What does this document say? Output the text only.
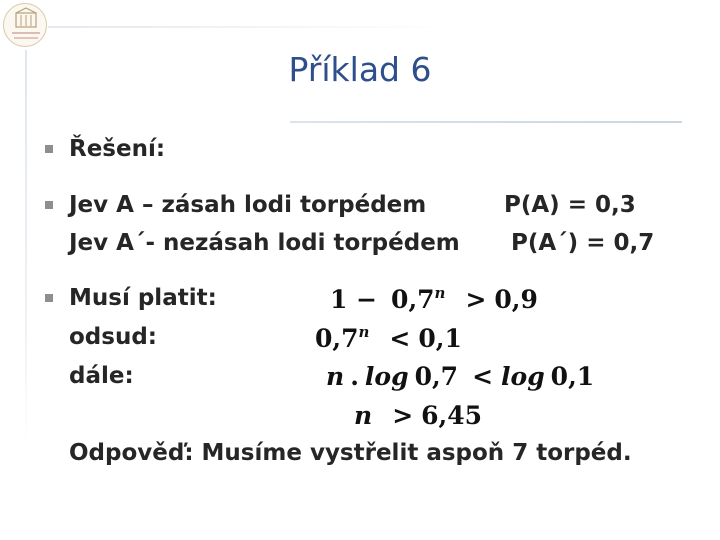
Příklad 6
Řešení:
Jev A – zásah lodi torpédem	P(A) = 0,3
Jev A´- nezásah lodi torpédem P(A´) = 0,7
Musí platit:
odsud:
dále:
$1 - 0,7^n > 0,9$
$0,7^n < 0,1$
n . log 0,7 < log 0,1
n > 6,45
Odpověď: Musíme vystřelit aspoň 7 torpéd.
